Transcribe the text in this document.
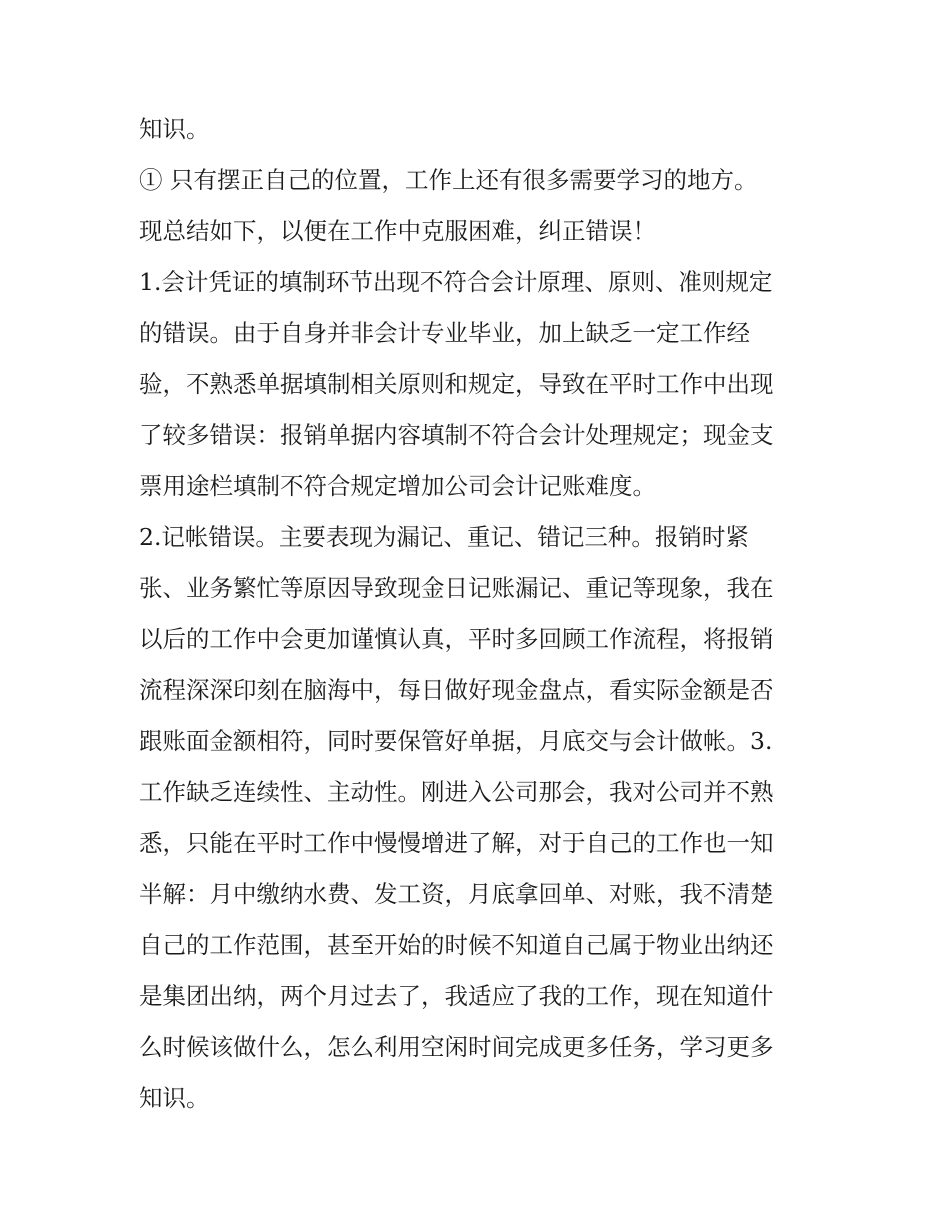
知识。
① 只有摆正自己的位置，工作上还有很多需要学习的地方。
现总结如下，以便在工作中克服困难，纠正错误！
1.会计凭证的填制环节出现不符合会计原理、原则、准则规定
的错误。由于自身并非会计专业毕业，加上缺乏一定工作经
验，不熟悉单据填制相关原则和规定，导致在平时工作中出现
了较多错误：报销单据内容填制不符合会计处理规定；现金支
票用途栏填制不符合规定增加公司会计记账难度。
2.记帐错误。主要表现为漏记、重记、错记三种。报销时紧
张、业务繁忙等原因导致现金日记账漏记、重记等现象，我在
以后的工作中会更加谨慎认真，平时多回顾工作流程，将报销
流程深深印刻在脑海中，每日做好现金盘点，看实际金额是否
跟账面金额相符，同时要保管好单据，月底交与会计做帐。3.
工作缺乏连续性、主动性。刚进入公司那会，我对公司并不熟
悉，只能在平时工作中慢慢增进了解，对于自己的工作也一知
半解：月中缴纳水费、发工资，月底拿回单、对账，我不清楚
自己的工作范围，甚至开始的时候不知道自己属于物业出纳还
是集团出纳，两个月过去了，我适应了我的工作，现在知道什
么时候该做什么，怎么利用空闲时间完成更多任务，学习更多
知识。
